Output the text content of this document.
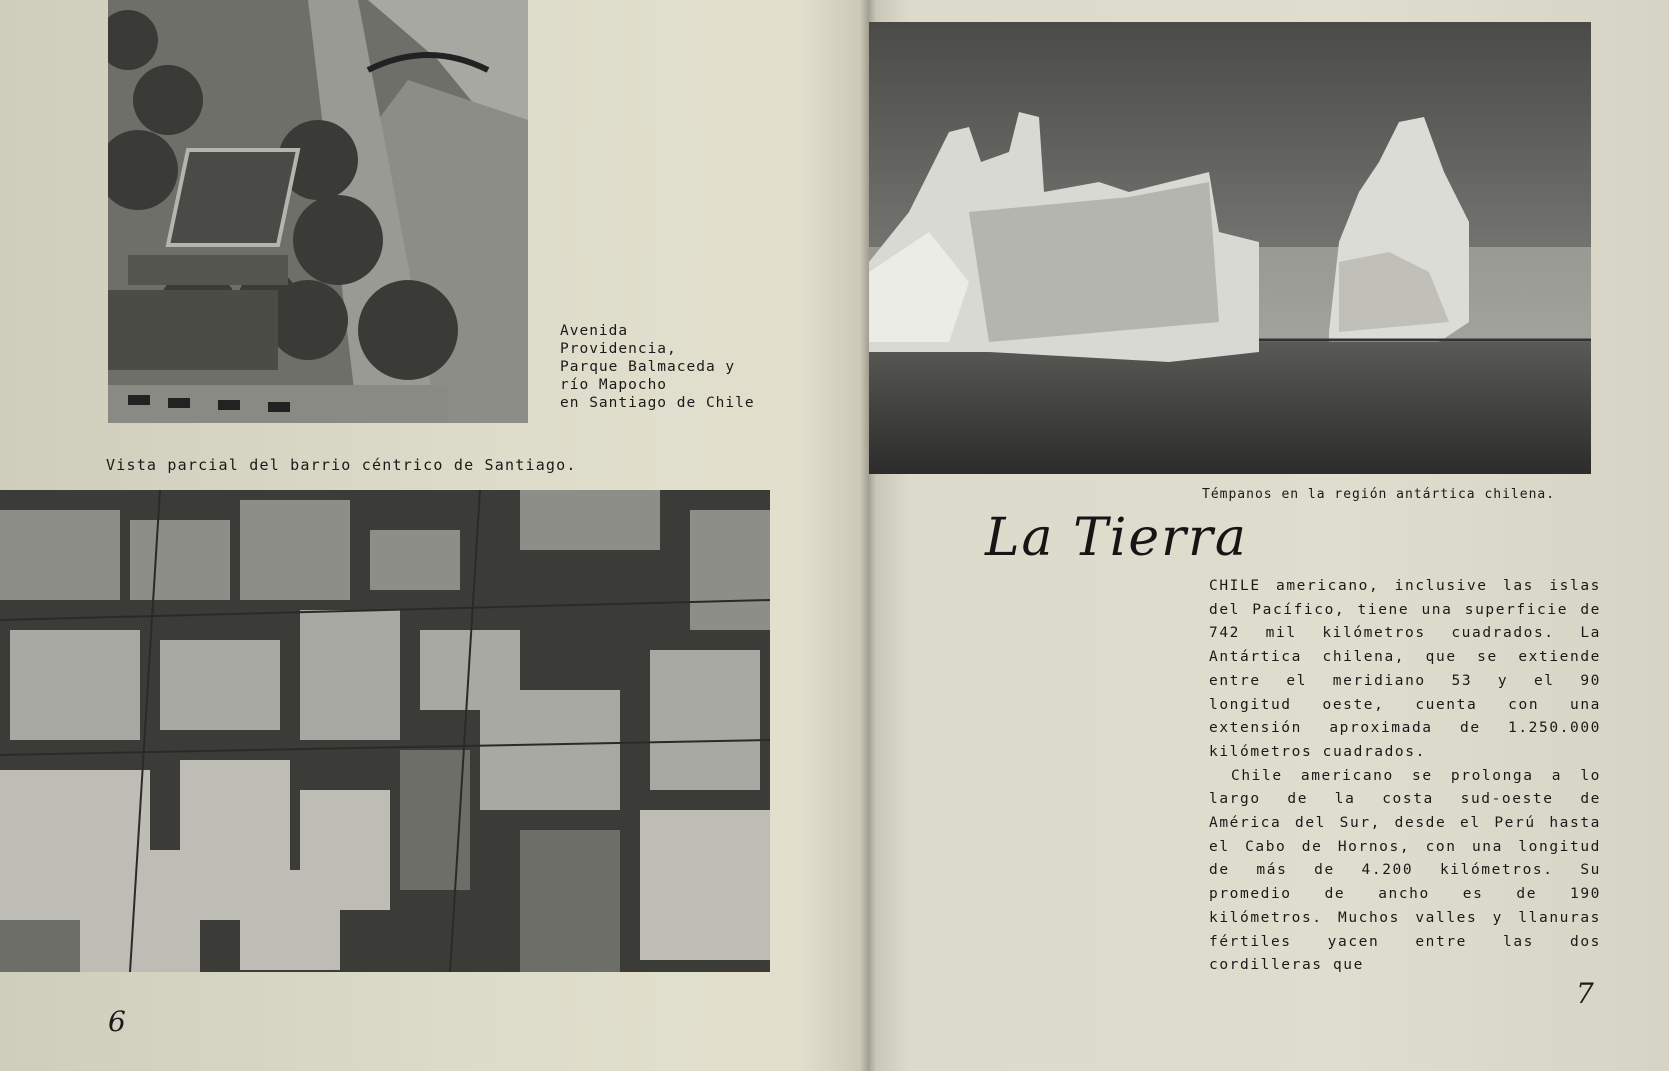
Avenida
Providencia,
Parque Balmaceda y
río Mapocho
en Santiago de Chile
Vista parcial del barrio céntrico de Santiago.
6
Témpanos en la región antártica chilena.
La Tierra

CHILE americano, inclusive las islas del Pacífico, tiene una superficie de 742 mil kilómetros cuadrados. La Antártica chilena, que se extiende entre el meridiano 53 y el 90 longitud oeste, cuenta con una extensión aproximada de 1.250.000 kilómetros cuadrados.

Chile americano se prolonga a lo largo de la costa sud-oeste de América del Sur, desde el Perú hasta el Cabo de Hornos, con una longitud de más de 4.200 kilómetros. Su promedio de ancho es de 190 kilómetros. Muchos valles y llanuras fértiles yacen entre las dos cordilleras que

7
